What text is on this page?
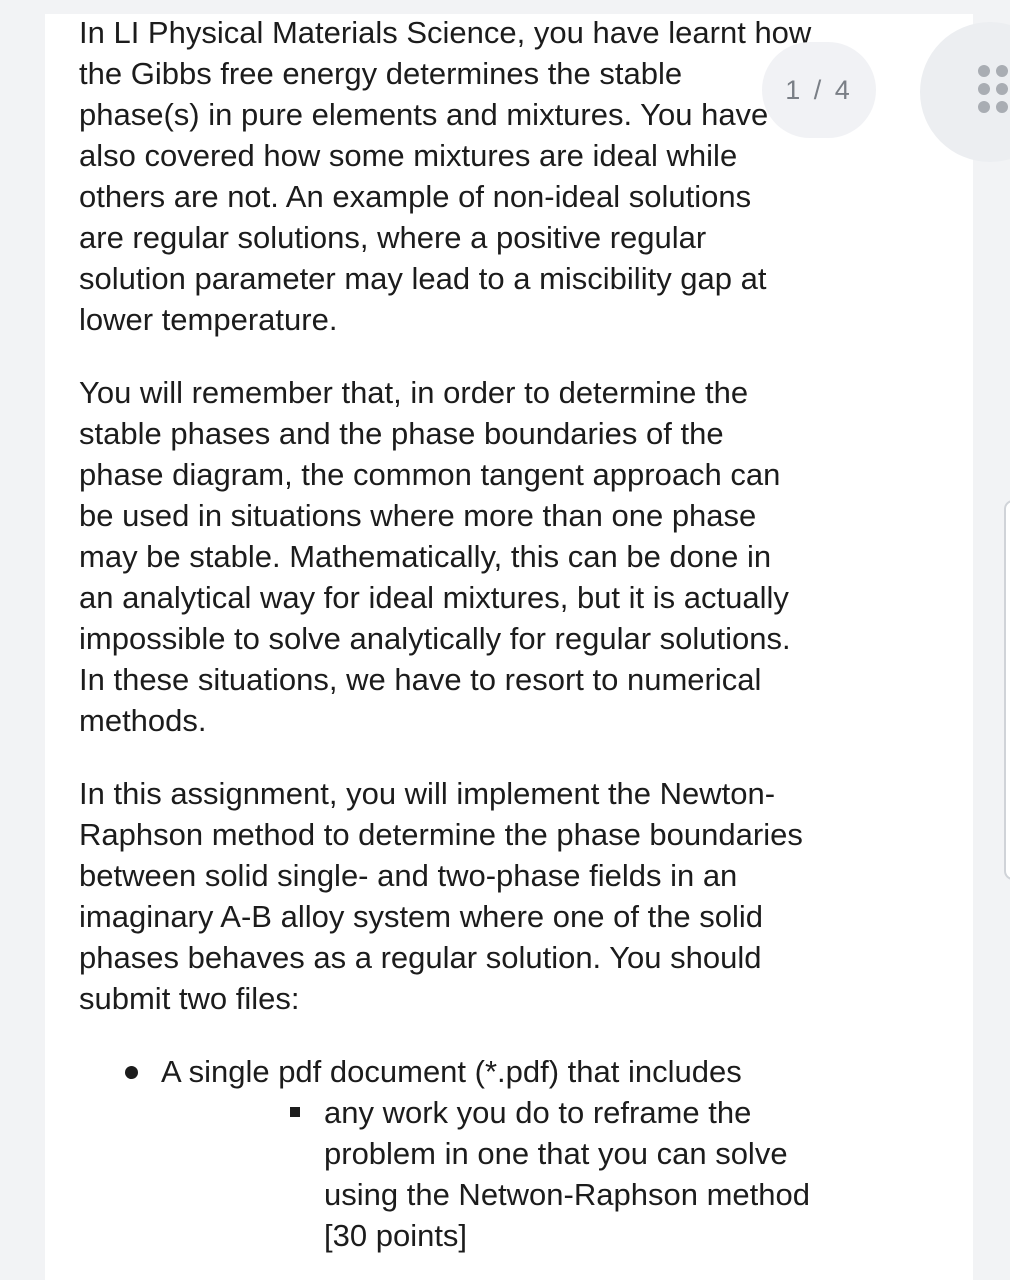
In LI Physical Materials Science, you have learnt how
the Gibbs free energy determines the stable
phase(s) in pure elements and mixtures. You have
also covered how some mixtures are ideal while
others are not. An example of non-ideal solutions
are regular solutions, where a positive regular
solution parameter may lead to a miscibility gap at
lower temperature.
You will remember that, in order to determine the
stable phases and the phase boundaries of the
phase diagram, the common tangent approach can
be used in situations where more than one phase
may be stable. Mathematically, this can be done in
an analytical way for ideal mixtures, but it is actually
impossible to solve analytically for regular solutions.
In these situations, we have to resort to numerical
methods.
In this assignment, you will implement the Newton-
Raphson method to determine the phase boundaries
between solid single- and two-phase fields in an
imaginary A-B alloy system where one of the solid
phases behaves as a regular solution. You should
submit two files:
A single pdf document (*.pdf) that includes
any work you do to reframe the
problem in one that you can solve
using the Netwon-Raphson method
[30 points]
1 / 4
